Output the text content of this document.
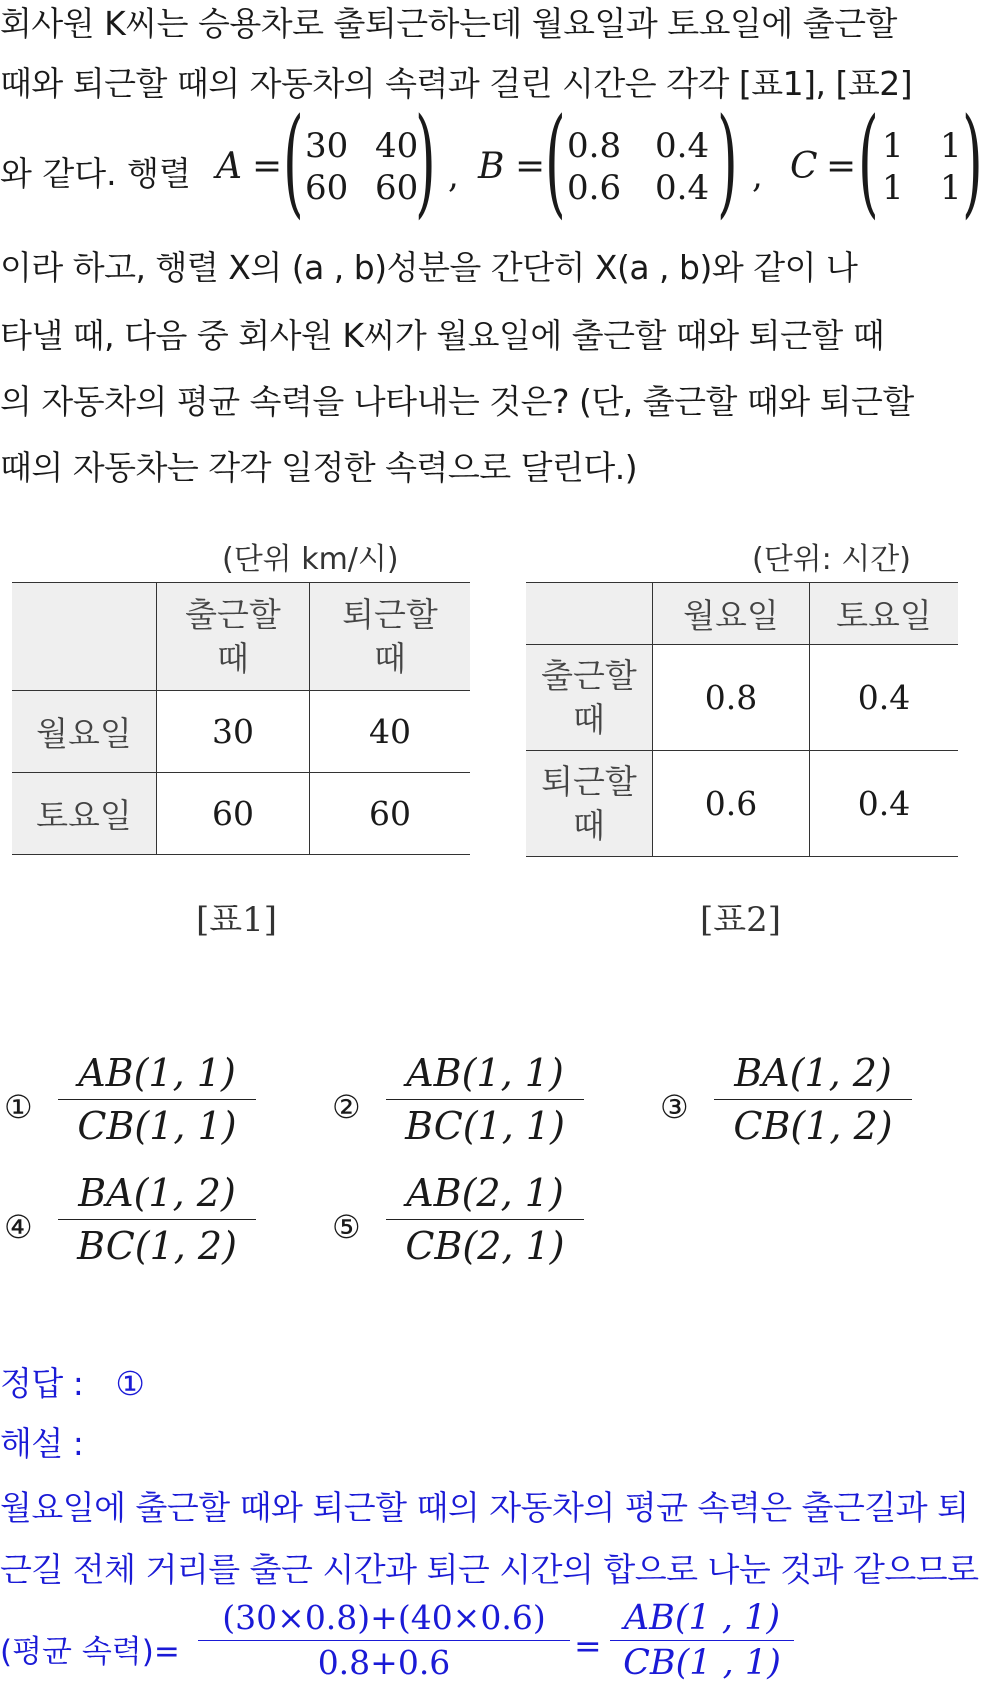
회사원 K씨는 승용차로 출퇴근하는데 월요일과 토요일에 출근할
때와 퇴근할 때의 자동차의 속력과 걸린 시간은 각각 [표1], [표2]
와 같다. 행렬 A = ( 30 40
60 60
) , B = ( 0.8 0.4
0.6 0.4 ) , C = ( 1 1
1 1 )
이라 하고, 행렬 X의 (a , b)성분을 간단히 X(a , b)와 같이 나
타낼 때, 다음 중 회사원 K씨가 월요일에 출근할 때와 퇴근할 때
의 자동차의 평균 속력을 나타내는 것은? (단, 출근할 때와 퇴근할
때의 자동차는 각각 일정한 속력으로 달린다.)
(단위 km/시)
	출근할
때	퇴근할
때
월요일	30	40
토요일	60	60
[표1]
(단위: 시간)
	월요일	토요일
출근할
때	0.8	0.4
퇴근할
때	0.6	0.4
[표2]
①
AB(1, 1)
CB(1, 1)	②
AB(1, 1)
BC(1, 1)	③
BA(1, 2)
CB(1, 2)
④
BA(1, 2)
BC(1, 2)	⑤
AB(2, 1)
CB(2, 1)
정답 : ①
해설 :
월요일에 출근할 때와 퇴근할 때의 자동차의 평균 속력은 출근길과 퇴
근길 전체 거리를 출근 시간과 퇴근 시간의 합으로 나눈 것과 같으므로
(평균 속력)=
(30×0.8)+(40×0.6)
0.8+0.6	=
AB(1 , 1)
CB(1 , 1)
